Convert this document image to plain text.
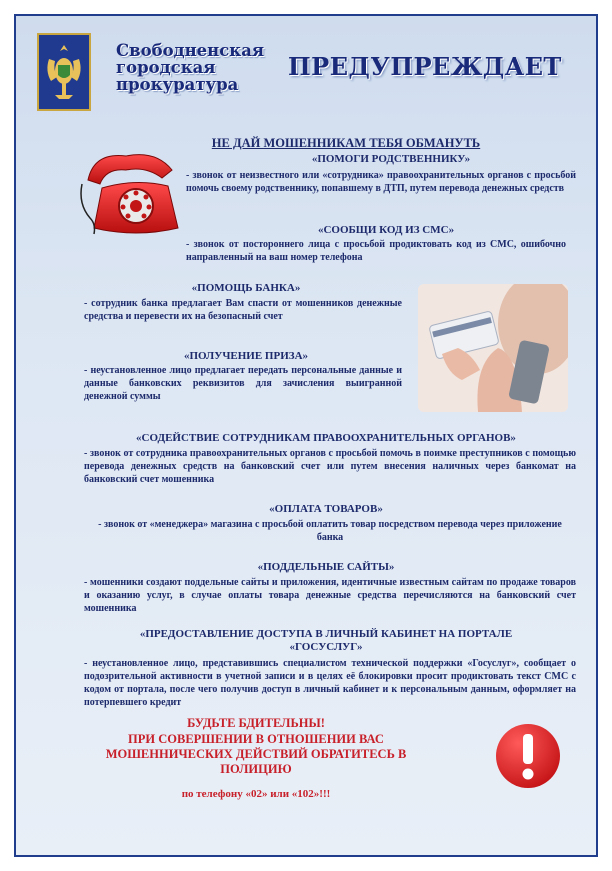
Свободненская городская прокуратура
ПРЕДУПРЕЖДАЕТ
НЕ ДАЙ МОШЕННИКАМ ТЕБЯ ОБМАНУТЬ
«ПОМОГИ РОДСТВЕННИКУ»
- звонок от неизвестного или «сотрудника» правоохранительных органов с просьбой помочь своему родственнику, попавшему в ДТП, путем перевода денежных средств
«СООБЩИ КОД ИЗ СМС»
- звонок от постороннего лица с просьбой продиктовать код из СМС, ошибочно направленный на ваш номер телефона
«ПОМОЩЬ БАНКА»
- сотрудник банка предлагает Вам спасти от мошенников денежные средства и перевести их на безопасный счет
«ПОЛУЧЕНИЕ ПРИЗА»
- неустановленное лицо предлагает передать персональные данные и данные банковских реквизитов для зачисления выигранной денежной суммы
«СОДЕЙСТВИЕ СОТРУДНИКАМ ПРАВООХРАНИТЕЛЬНЫХ ОРГАНОВ»
- звонок от сотрудника правоохранительных органов с просьбой помочь в поимке преступников с помощью перевода денежных средств на банковский счет или путем внесения наличных через банкомат на банковский счет мошенника
«ОПЛАТА ТОВАРОВ»
- звонок от «менеджера» магазина с просьбой оплатить товар посредством перевода через приложение банка
«ПОДДЕЛЬНЫЕ САЙТЫ»
- мошенники создают поддельные сайты и приложения, идентичные известным сайтам по продаже товаров и оказанию услуг, в случае оплаты товара денежные средства перечисляются на банковский счет мошенника
«ПРЕДОСТАВЛЕНИЕ ДОСТУПА В ЛИЧНЫЙ КАБИНЕТ НА ПОРТАЛЕ «ГОСУСЛУГ»
- неустановленное лицо, представившись специалистом технической поддержки «Госуслуг», сообщает о подозрительной активности в учетной записи и в целях её блокировки просит продиктовать текст СМС с кодом от портала, после чего получив доступ в личный кабинет и к персональным данным, оформляет на потерпевшего кредит
БУДЬТЕ БДИТЕЛЬНЫ!
ПРИ СОВЕРШЕНИИ В ОТНОШЕНИИ ВАС МОШЕННИЧЕСКИХ ДЕЙСТВИЙ ОБРАТИТЕСЬ В ПОЛИЦИЮ
по телефону «02» или «102»!!!
